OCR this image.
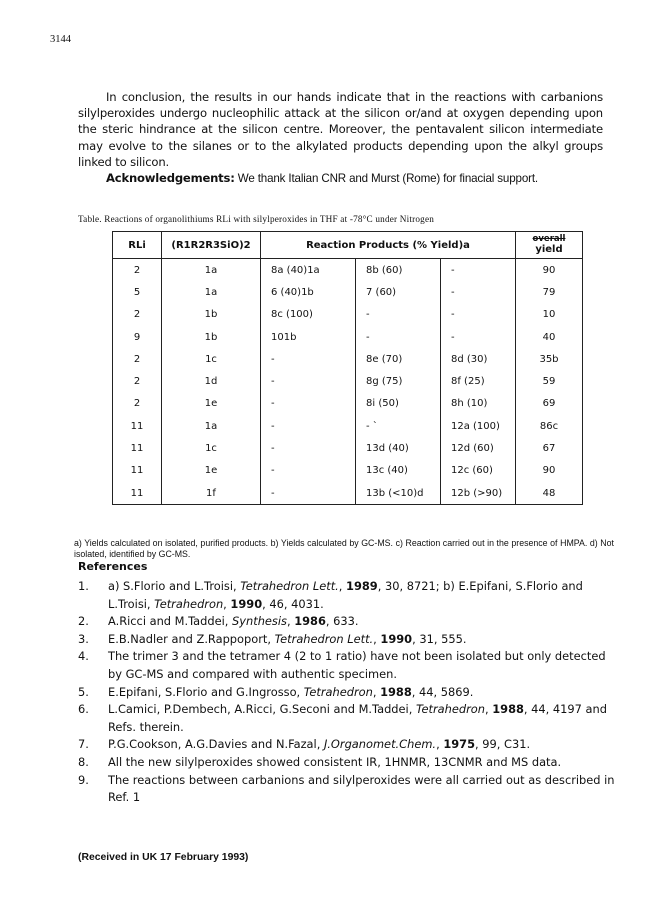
3144

In conclusion, the results in our hands indicate that in the reactions with carbanions silylperoxides undergo nucleophilic attack at the silicon or/and at oxygen depending upon the steric hindrance at the silicon centre. Moreover, the pentavalent silicon intermediate may evolve to the silanes or to the alkylated products depending upon the alkyl groups linked to silicon.

Acknowledgements: We thank Italian CNR and Murst (Rome) for finacial support.

Table. Reactions of organolithiums RLi with silylperoxides in THF at -78°C under Nitrogen
RLi	(R1R2R3SiO)2	Reaction Products (% Yield)a			overall
yield
2	1a	8a (40)1a	8b (60)	-	90
5	1a	6 (40)1b	7 (60)	-	79
2	1b	8c (100)	-	-	10
9	1b	101b	-	-	40
2	1c	-	8e (70)	8d (30)	35b
2	1d	-	8g (75)	8f (25)	59
2	1e	-	8i (50)	8h (10)	69
11	1a	-	- `	12a (100)	86c
11	1c	-	13d (40)	12d (60)	67
11	1e	-	13c (40)	12c (60)	90
11	1f	-	13b (<10)d	12b (>90)	48
a) Yields calculated on isolated, purified products. b) Yields calculated by GC-MS. c) Reaction carried out in the presence of HMPA. d) Not isolated, identified by GC-MS.
References
1. a) S.Florio and L.Troisi, Tetrahedron Lett., 1989, 30, 8721; b) E.Epifani, S.Florio and L.Troisi, Tetrahedron, 1990, 46, 4031.
2. A.Ricci and M.Taddei, Synthesis, 1986, 633.
3. E.B.Nadler and Z.Rappoport, Tetrahedron Lett., 1990, 31, 555.
4. The trimer 3 and the tetramer 4 (2 to 1 ratio) have not been isolated but only detected by GC-MS and compared with authentic specimen.
5. E.Epifani, S.Florio and G.Ingrosso, Tetrahedron, 1988, 44, 5869.
6. L.Camici, P.Dembech, A.Ricci, G.Seconi and M.Taddei, Tetrahedron, 1988, 44, 4197 and Refs. therein.
7. P.G.Cookson, A.G.Davies and N.Fazal, J.Organomet.Chem., 1975, 99, C31.
8. All the new silylperoxides showed consistent IR, 1HNMR, 13CNMR and MS data.
9. The reactions between carbanions and silylperoxides were all carried out as described in Ref. 1
(Received in UK 17 February 1993)
